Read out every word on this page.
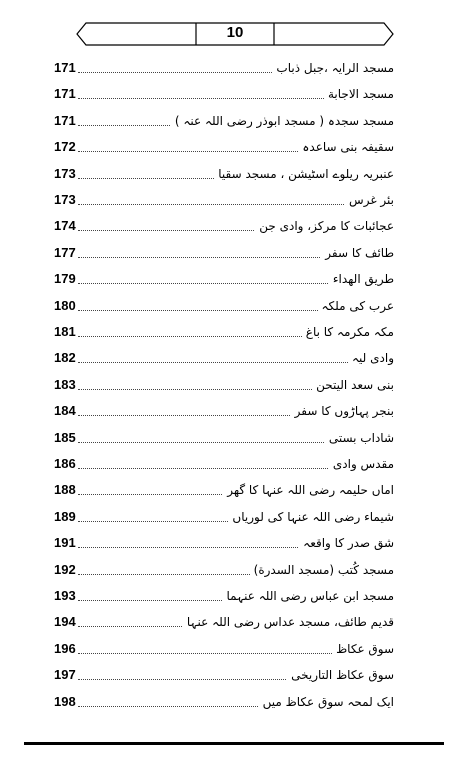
10
171	مسجد الرایہ ،جبل ذباب
171	مسجد الاجابة
171	مسجد سجدہ ( مسجد ابوذر رضی اللہ عنہ )
172	سقیفہ بنی ساعدہ
173	عنبریہ ریلوے اسٹیشن ، مسجد سقیا
173	بئر غرس
174	عجائبات کا مرکز، وادی جن
177	طائف کا سفر
179	طریق الهداء
180	عرب کی ملکہ
181	مکہ مکرمہ کا باغ
182	وادی لیہ
183	بنی سعد الیتحن
184	بنجر پہاڑوں کا سفر
185	شاداب بستی
186	مقدس وادی
188	اماں حلیمہ رضی اللہ عنہا کا گھر
189	شیماء رضی اللہ عنہا کی لوریاں
191	شق صدر کا واقعہ
192	مسجد کُتب (مسجد السدرة)
193	مسجد ابن عباس رضی اللہ عنہما
194	قدیم طائف، مسجد عداس رضی اللہ عنہا
196	سوق عکاظ
197	سوق عکاظ التاریخی
198	ایک لمحہ سوق عکاظ میں
